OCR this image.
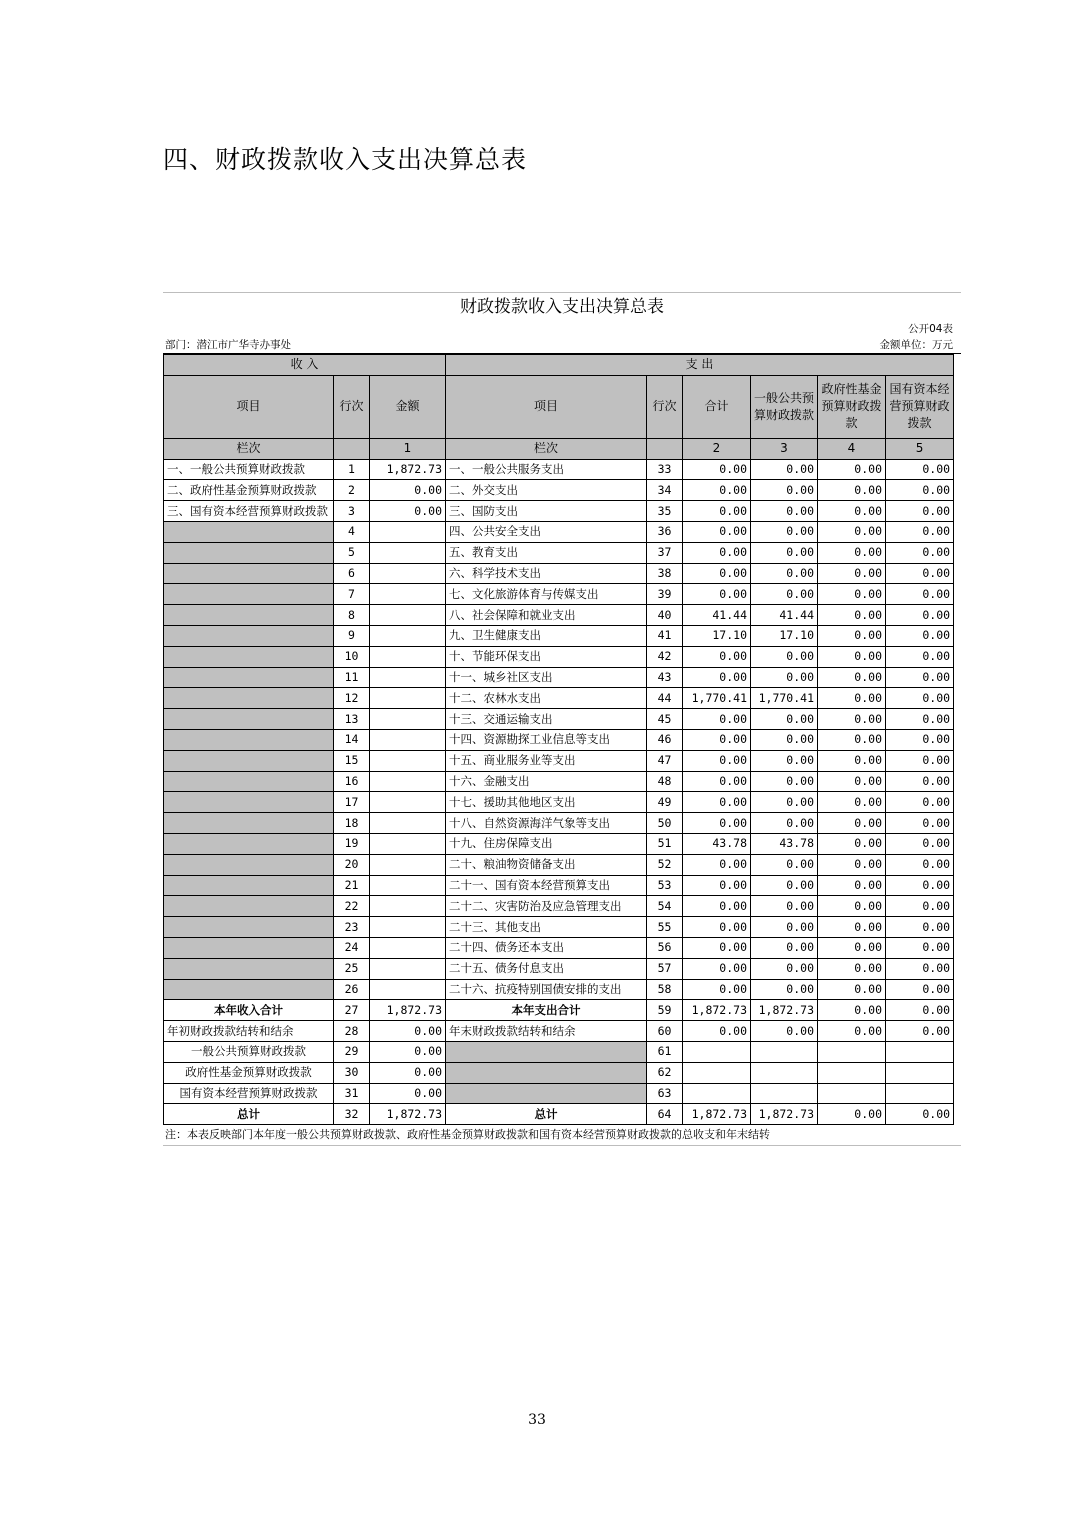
四、财政拨款收入支出决算总表
财政拨款收入支出决算总表
公开04表
部门：潜江市广华寺办事处	金额单位：万元
收 入			支 出					
项目	行次	金额	项目	行次	合计	一般公共预算财政拨款	政府性基金预算财政拨款	国有资本经营预算财政拨款
栏次		1	栏次		2	3	4	5
一、一般公共预算财政拨款	1	1,872.73	一、一般公共服务支出	33	0.00	0.00	0.00	0.00
二、政府性基金预算财政拨款	2	0.00	二、外交支出	34	0.00	0.00	0.00	0.00
三、国有资本经营预算财政拨款	3	0.00	三、国防支出	35	0.00	0.00	0.00	0.00
	4		四、公共安全支出	36	0.00	0.00	0.00	0.00
	5		五、教育支出	37	0.00	0.00	0.00	0.00
	6		六、科学技术支出	38	0.00	0.00	0.00	0.00
	7		七、文化旅游体育与传媒支出	39	0.00	0.00	0.00	0.00
	8		八、社会保障和就业支出	40	41.44	41.44	0.00	0.00
	9		九、卫生健康支出	41	17.10	17.10	0.00	0.00
	10		十、节能环保支出	42	0.00	0.00	0.00	0.00
	11		十一、城乡社区支出	43	0.00	0.00	0.00	0.00
	12		十二、农林水支出	44	1,770.41	1,770.41	0.00	0.00
	13		十三、交通运输支出	45	0.00	0.00	0.00	0.00
	14		十四、资源勘探工业信息等支出	46	0.00	0.00	0.00	0.00
	15		十五、商业服务业等支出	47	0.00	0.00	0.00	0.00
	16		十六、金融支出	48	0.00	0.00	0.00	0.00
	17		十七、援助其他地区支出	49	0.00	0.00	0.00	0.00
	18		十八、自然资源海洋气象等支出	50	0.00	0.00	0.00	0.00
	19		十九、住房保障支出	51	43.78	43.78	0.00	0.00
	20		二十、粮油物资储备支出	52	0.00	0.00	0.00	0.00
	21		二十一、国有资本经营预算支出	53	0.00	0.00	0.00	0.00
	22		二十二、灾害防治及应急管理支出	54	0.00	0.00	0.00	0.00
	23		二十三、其他支出	55	0.00	0.00	0.00	0.00
	24		二十四、债务还本支出	56	0.00	0.00	0.00	0.00
	25		二十五、债务付息支出	57	0.00	0.00	0.00	0.00
	26		二十六、抗疫特别国债安排的支出	58	0.00	0.00	0.00	0.00
本年收入合计	27	1,872.73	本年支出合计	59	1,872.73	1,872.73	0.00	0.00
年初财政拨款结转和结余	28	0.00	年末财政拨款结转和结余	60	0.00	0.00	0.00	0.00
一般公共预算财政拨款	29	0.00		61				
政府性基金预算财政拨款	30	0.00		62				
国有资本经营预算财政拨款	31	0.00		63				
总计	32	1,872.73	总计	64	1,872.73	1,872.73	0.00	0.00
注：本表反映部门本年度一般公共预算财政拨款、政府性基金预算财政拨款和国有资本经营预算财政拨款的总收支和年末结转
33
